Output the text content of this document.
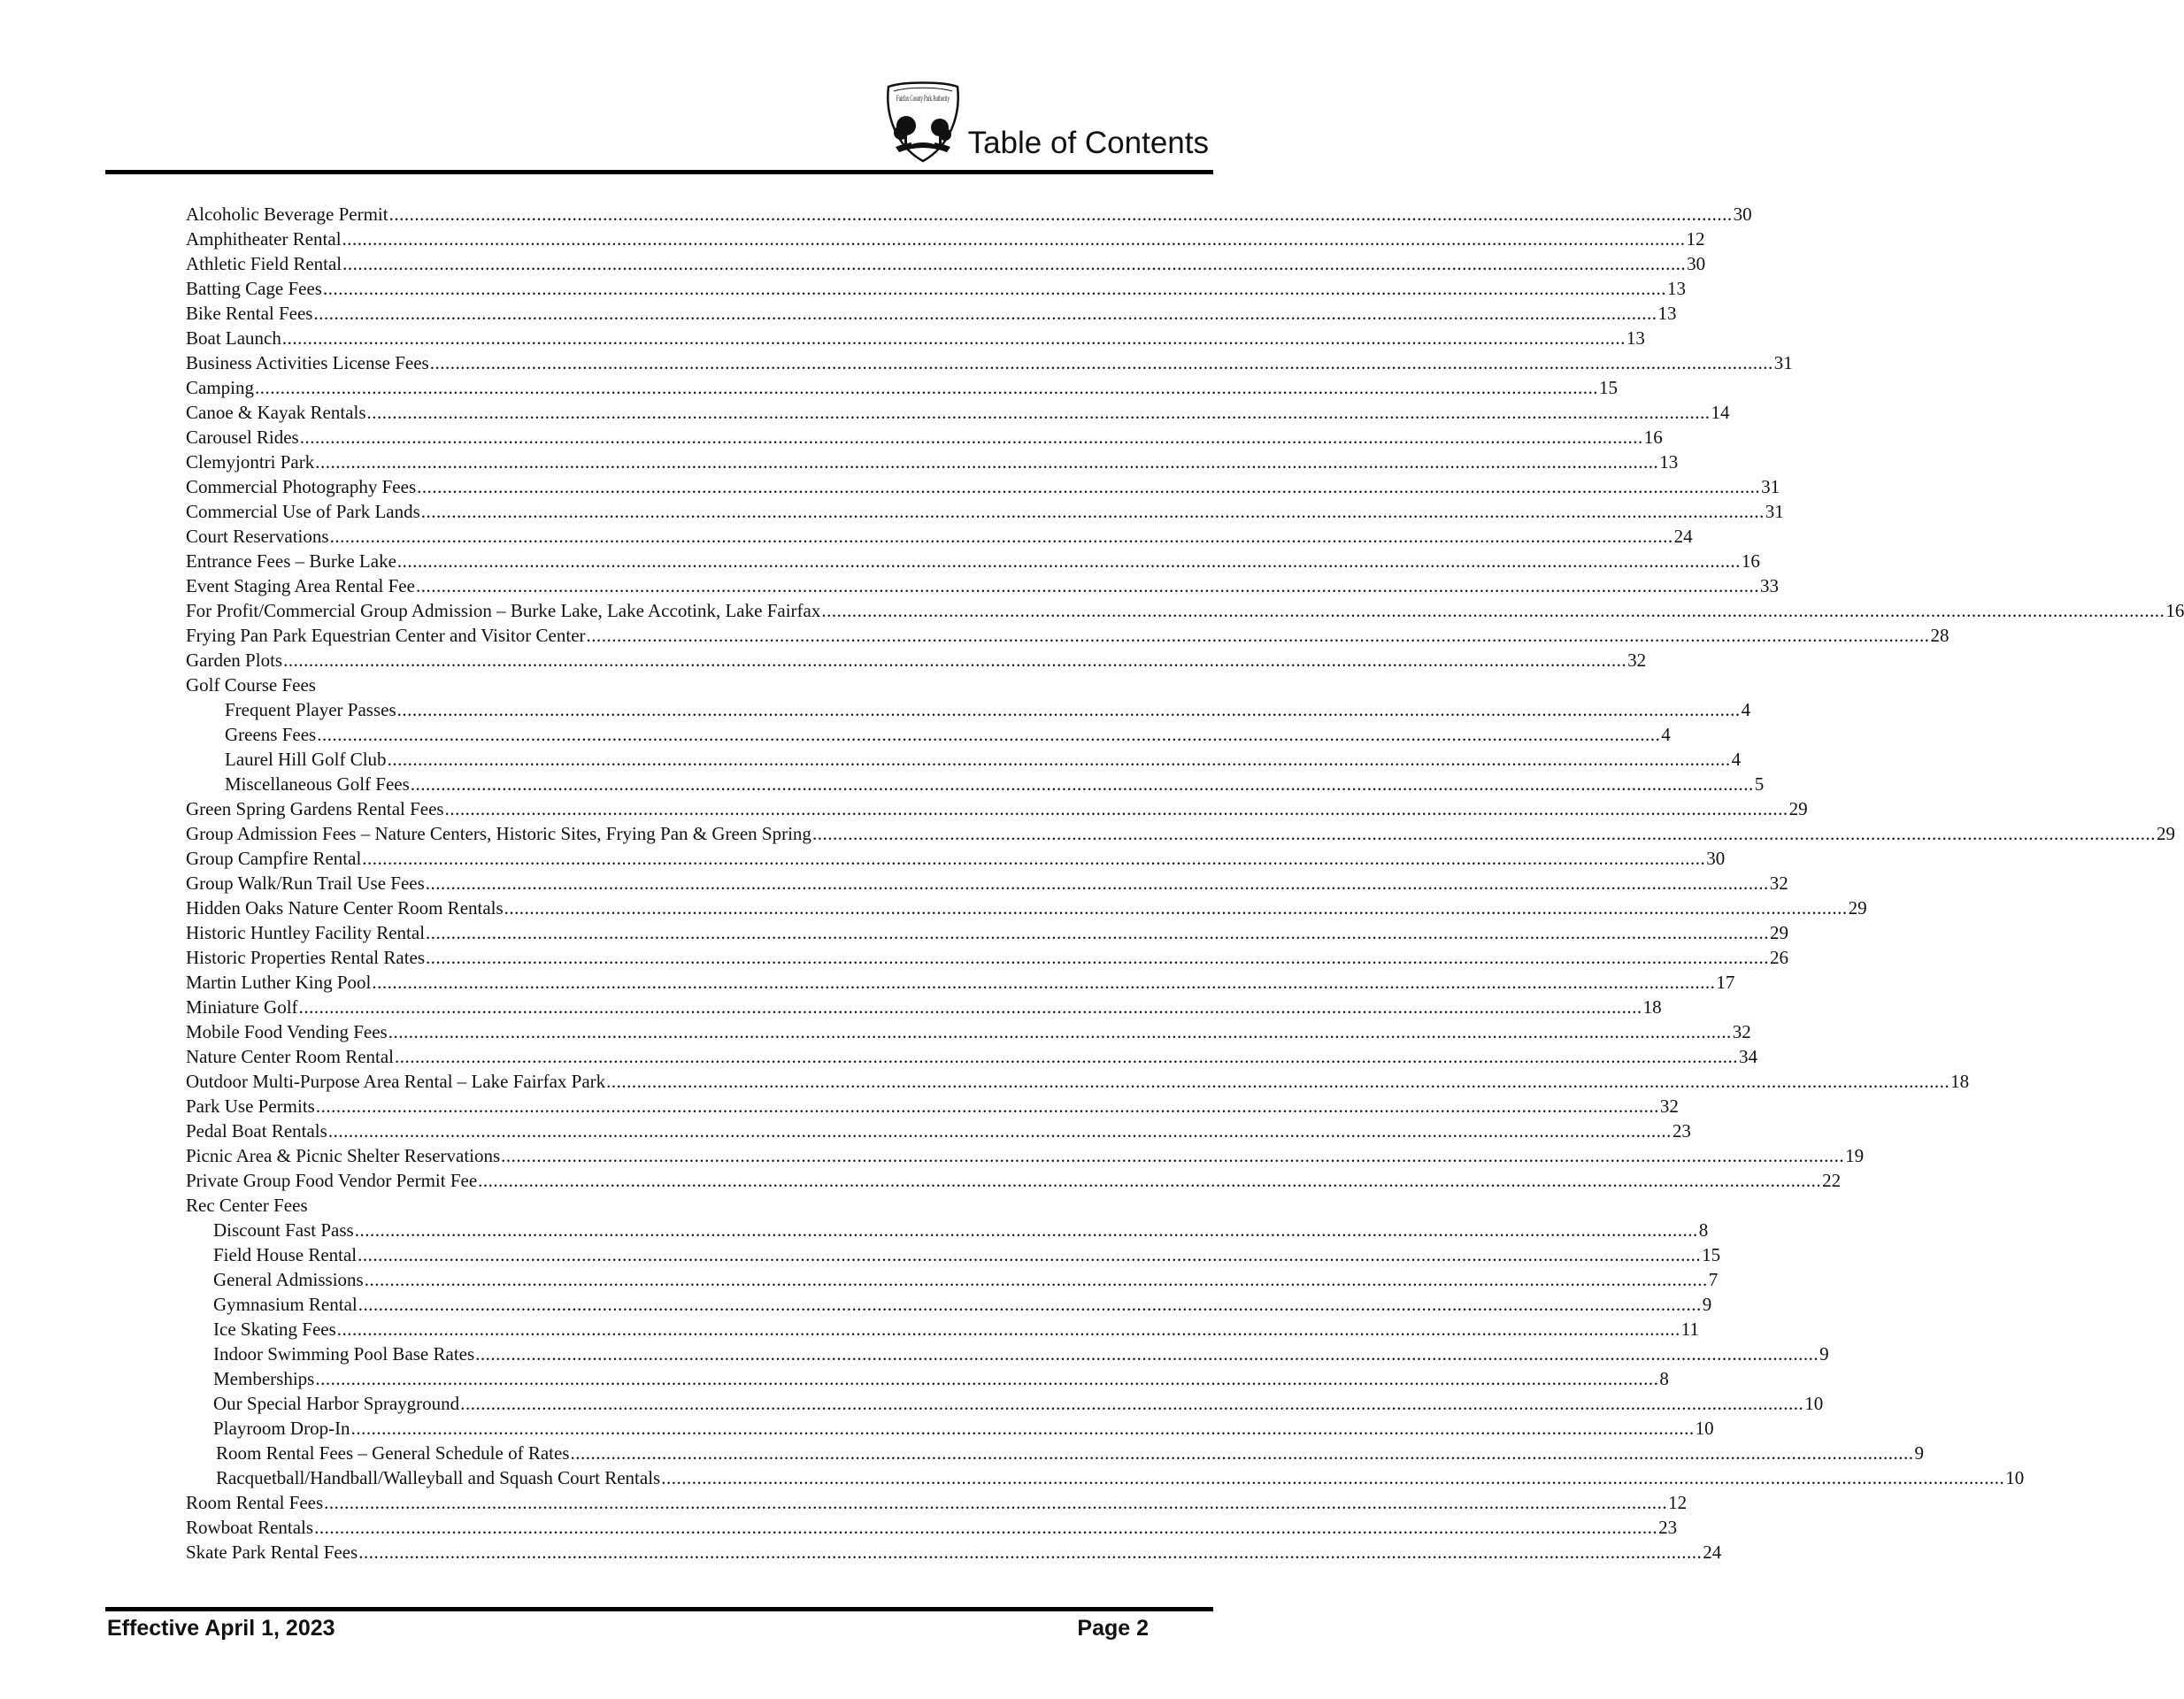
Fairfax County Park Authority
Table of Contents
Alcoholic Beverage Permit .....	30
Amphitheater Rental .....	12
Athletic Field Rental .....	30
Batting Cage Fees .....	13
Bike Rental Fees .....	13
Boat Launch .....	13
Business Activities License Fees .....	31
Camping .....	15
Canoe & Kayak Rentals .....	14
Carousel Rides .....	16
Clemyjontri Park .....	13
Commercial Photography Fees .....	31
Commercial Use of Park Lands .....	31
Court Reservations .....	24
Entrance Fees – Burke Lake .....	16
Event Staging Area Rental Fee .....	33
For Profit/Commercial Group Admission – Burke Lake, Lake Accotink, Lake Fairfax .....	16
Frying Pan Park Equestrian Center and Visitor Center .....	28
Garden Plots .....	32
Golf Course Fees
Frequent Player Passes .....	4
Greens Fees .....	4
Laurel Hill Golf Club .....	4
Miscellaneous Golf Fees .....	5
Green Spring Gardens Rental Fees .....	29
Group Admission Fees – Nature Centers, Historic Sites, Frying Pan & Green Spring .....	29
Group Campfire Rental .....	30
Group Walk/Run Trail Use Fees .....	32
Hidden Oaks Nature Center Room Rentals .....	29
Historic Huntley Facility Rental .....	29
Historic Properties Rental Rates .....	26
Martin Luther King Pool .....	17
Miniature Golf .....	18
Mobile Food Vending Fees .....	32
Nature Center Room Rental .....	34
Outdoor Multi-Purpose Area Rental – Lake Fairfax Park .....	18
Park Use Permits .....	32
Pedal Boat Rentals .....	23
Picnic Area & Picnic Shelter Reservations .....	19
Private Group Food Vendor Permit Fee .....	22
Rec Center Fees
Discount Fast Pass .....	8
Field House Rental .....	15
General Admissions .....	7
Gymnasium Rental .....	9
Ice Skating Fees .....	11
Indoor Swimming Pool Base Rates .....	9
Memberships .....	8
Our Special Harbor Sprayground .....	10
Playroom Drop-In .....	10
Room Rental Fees – General Schedule of Rates .....	9
Racquetball/Handball/Walleyball and Squash Court Rentals .....	10
Room Rental Fees .....	12
Rowboat Rentals .....	23
Skate Park Rental Fees .....	24
Effective April 1, 2023	Page 2
